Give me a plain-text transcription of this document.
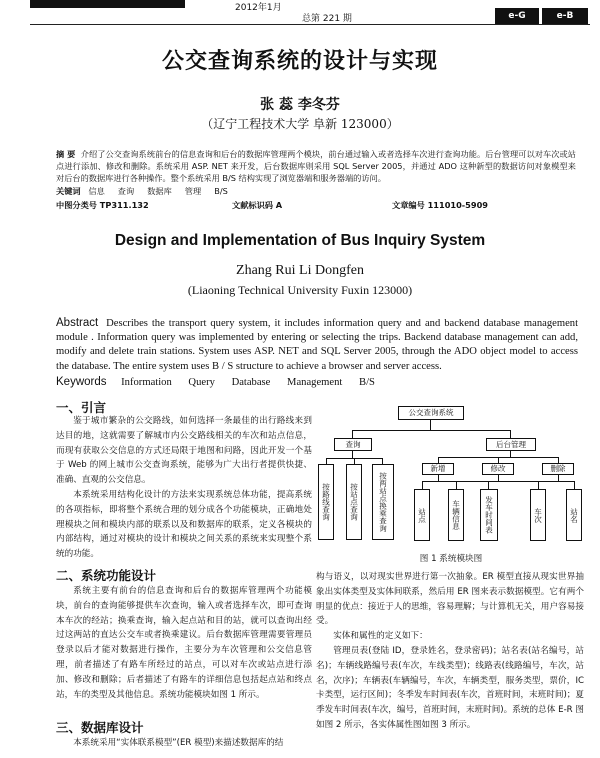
2012年1月
总第 221 期	e-G	e-B
公交查询系统的设计与实现
张 蕊 李冬芬
（辽宁工程技术大学 阜新 123000）

摘 要 介绍了公交查询系统前台的信息查询和后台的数据库管理两个模块，前台通过输入或者选择车次进行查询功能。后台管理可以对车次或站点进行添加、修改和删除。系统采用 ASP. NET 来开发，后台数据库则采用 SQL Server 2005，并通过 ADO 这种新型的数据访问对象模型来对后台的数据库进行各种操作。整个系统采用 B/S 结构实现了浏览器端和服务器端的访问。

关键词 信息 查询 数据库 管理 B/S
中图分类号 TP311.132	文献标识码 A	文章编号 111010-5909
Design and Implementation of Bus Inquiry System
Zhang Rui Li Dongfen
(Liaoning Technical University Fuxin 123000)

Abstract Describes the transport query system, it includes information query and and backend database management module . Information query was implemented by entering or selecting the trips. Backend database management can add, modify and delete train stations. System uses ASP. NET and SQL Server 2005, through the ADO object model to access the database. The entire system uses B / S structure to achieve a browser and server access.

Keywords Information Query Database Management B/S
一、引言

鉴于城市繁杂的公交路线，如何选择一条最佳的出行路线来到达目的地，这就需要了解城市内公交路线相关的车次和站点信息，而现有获取公交信息的方式还局限于地图和问路，因此开发一个基于 Web 的网上城市公交查询系统，能够为广大出行者提供快捷、准确、直观的公交信息。

本系统采用结构化设计的方法来实现系统总体功能，提高系统的各项指标，即将整个系统合理的划分成各个功能模块，正确地处理模块之间和模块内部的联系以及和数据库的联系，定义各模块的内部结构，通过对模块的设计和模块之间关系的系统来实现整个系统的功能。

二、系统功能设计

系统主要有前台的信息查询和后台的数据库管理两个功能模块，前台的查询能够提供车次查询，输入或者选择车次，即可查询本车次的经站；换乘查询，输入起点站和目的站，就可以查询出经过这两站的直达公交车或者换乘建议。后台数据库管理需要管理员登录以后才能对数据进行操作，主要分为车次管理和公交信息管理，前者描述了有路车所经过的站点，可以对车次或站点进行添加、修改和删除；后者描述了有路车的详细信息包括起点站和终点站，车的类型及其他信息。系统功能模块如图 1 所示。

三、数据库设计

本系统采用“实体联系模型”(ER 模型)来描述数据库的结

公交查询系统
查询	后台管理
按路线查询	按站点查询	按两站点换乘查询
新增	修改	删除
站点	车辆信息	发车时间表	车次	站名
图 1 系统模块图

构与语义，以对现实世界进行第一次抽象。ER 模型直接从现实世界抽象出实体类型及实体间联系，然后用 ER 图来表示数据模型。它有两个明显的优点：接近于人的思维，容易理解；与计算机无关，用户容易接受。

实体和属性的定义如下：

管理员表(登陆 ID，登录姓名，登录密码)；站名表(站名编号，站名)；车辆线路编号表(车次，车线类型)；线路表(线路编号，车次，站名，次序)；车辆表(车辆编号，车次，车辆类型，服务类型，票价，IC 卡类型，运行区间)；冬季发车时间表(车次，首班时间，末班时间)；夏季发车时间表(车次，编号，首班时间，末班时间)。系统的总体 E-R 图如图 2 所示，各实体属性图如图 3 所示。
